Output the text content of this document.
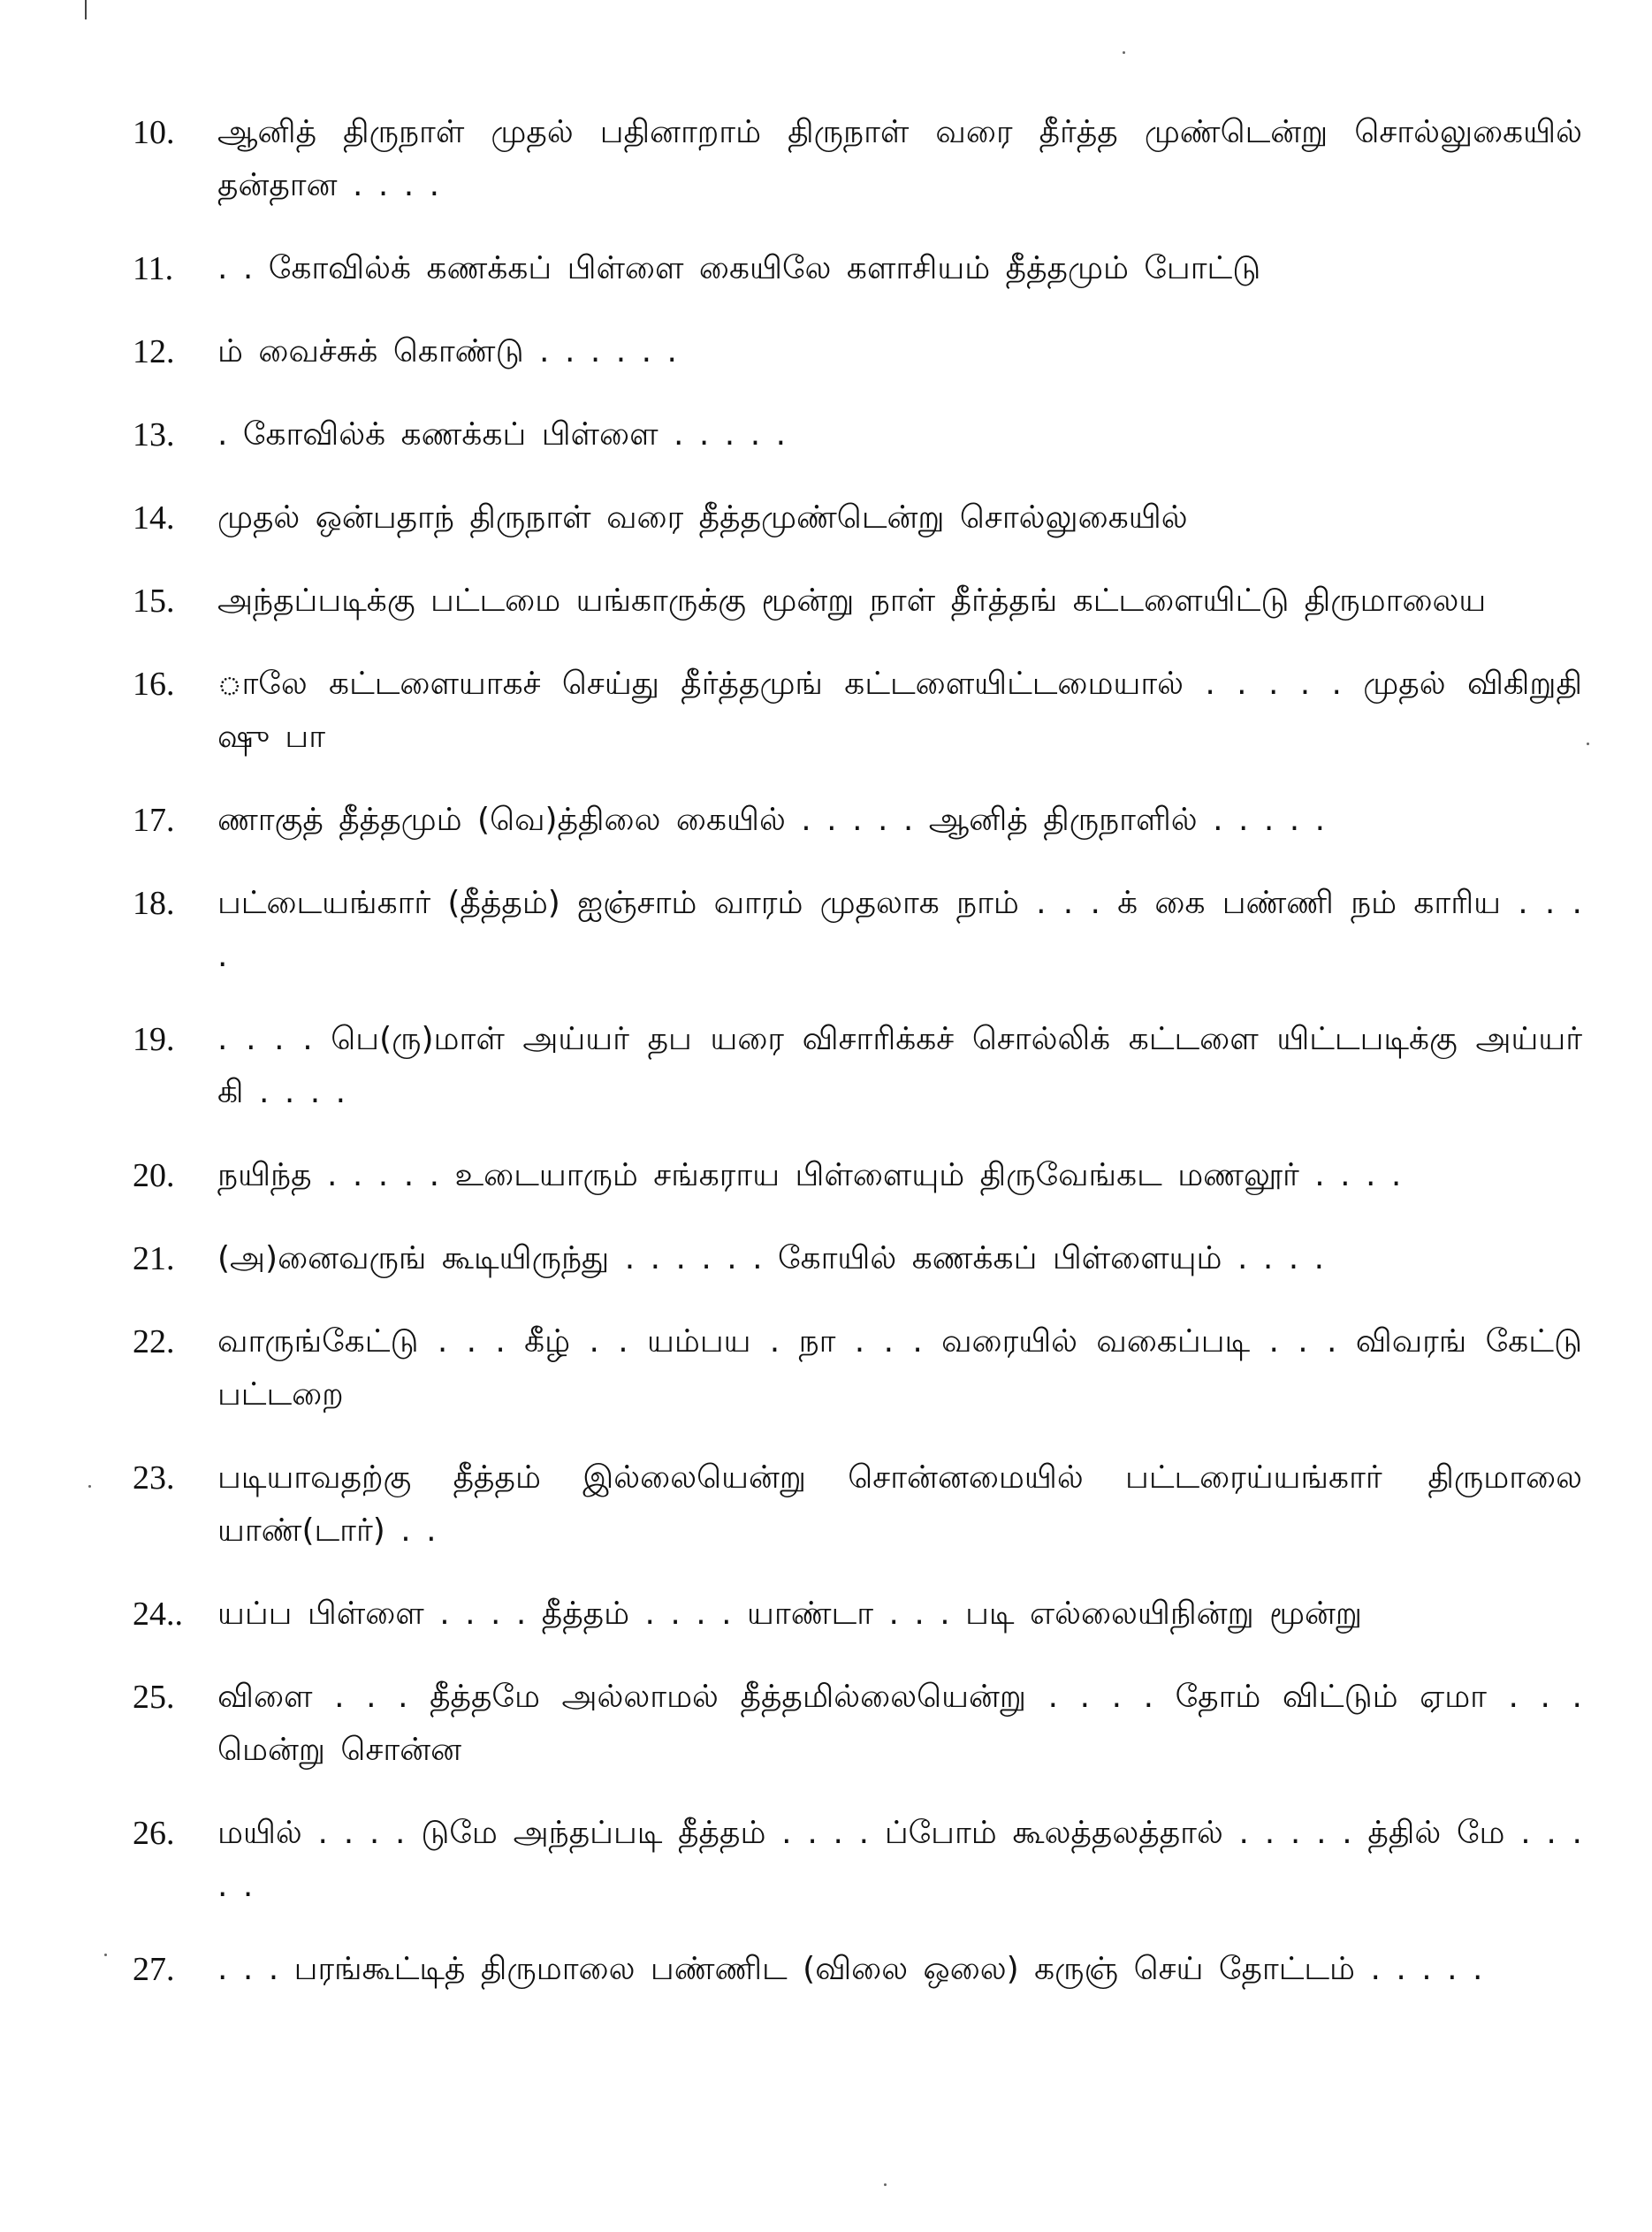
10.	ஆனித் திருநாள் முதல் பதினாறாம் திருநாள் வரை தீர்த்த முண்டென்று சொல்லுகையில் தன்தான . . . .
11.	. . கோவில்க் கணக்கப் பிள்ளை கையிலே களாசியம் தீத்தமும் போட்டு
12.	ம் வைச்சுக் கொண்டு . . . . . .
13.	. கோவில்க் கணக்கப் பிள்ளை . . . . .
14.	முதல் ஒன்பதாந் திருநாள் வரை தீத்தமுண்டென்று சொல்லுகையில்
15.	அந்தப்படிக்கு பட்டமை யங்காருக்கு மூன்று நாள் தீர்த்தங் கட்டளையிட்டு திருமாலைய
16.	ாலே கட்டளையாகச் செய்து தீர்த்தமுங் கட்டளையிட்டமையால் . . . . . முதல் விகிறுதி ஷு பா
17.	ணாகுத் தீத்தமும் (வெ)த்திலை கையில் . . . . . ஆனித் திருநாளில் . . . . .
18.	பட்டையங்கார் (தீத்தம்) ஐஞ்சாம் வாரம் முதலாக நாம் . . . க் கை பண்ணி நம் காரிய . . . .
19.	. . . . பெ(ரு)மாள் அய்யர் தப யரை விசாரிக்கச் சொல்லிக் கட்டளை யிட்டபடிக்கு அய்யர் கி . . . .
20.	நயிந்த . . . . . உடையாரும் சங்கராய பிள்ளையும் திருவேங்கட மணலூர் . . . .
21.	(அ)னைவருங் கூடியிருந்து . . . . . . கோயில் கணக்கப் பிள்ளையும் . . . .
22.	வாருங்கேட்டு . . . கீழ் . . யம்பய . நா . . . வரையில் வகைப்படி . . . விவரங் கேட்டு பட்டறை
23.	படியாவதற்கு தீத்தம் இல்லையென்று சொன்னமையில் பட்டரைய்யங்காா் திருமாலை யாண்(டார்) . .
24..	யப்ப பிள்ளை . . . . தீத்தம் . . . . யாண்டா . . . படி எல்லையிநின்று மூன்று
25.	விளை . . . தீத்தமே அல்லாமல் தீத்தமில்லையென்று . . . . தோம் விட்டும் ஏமா . . . மென்று சொன்ன
26.	மயில் . . . . டுமே அந்தப்படி தீத்தம் . . . . ப்போம் கூலத்தலத்தால் . . . . . த்தில் மே . . . . .
27.	. . . பரங்கூட்டித் திருமாலை பண்ணிட (விலை ஒலை) கருஞ் செய் தோட்டம் . . . . .
